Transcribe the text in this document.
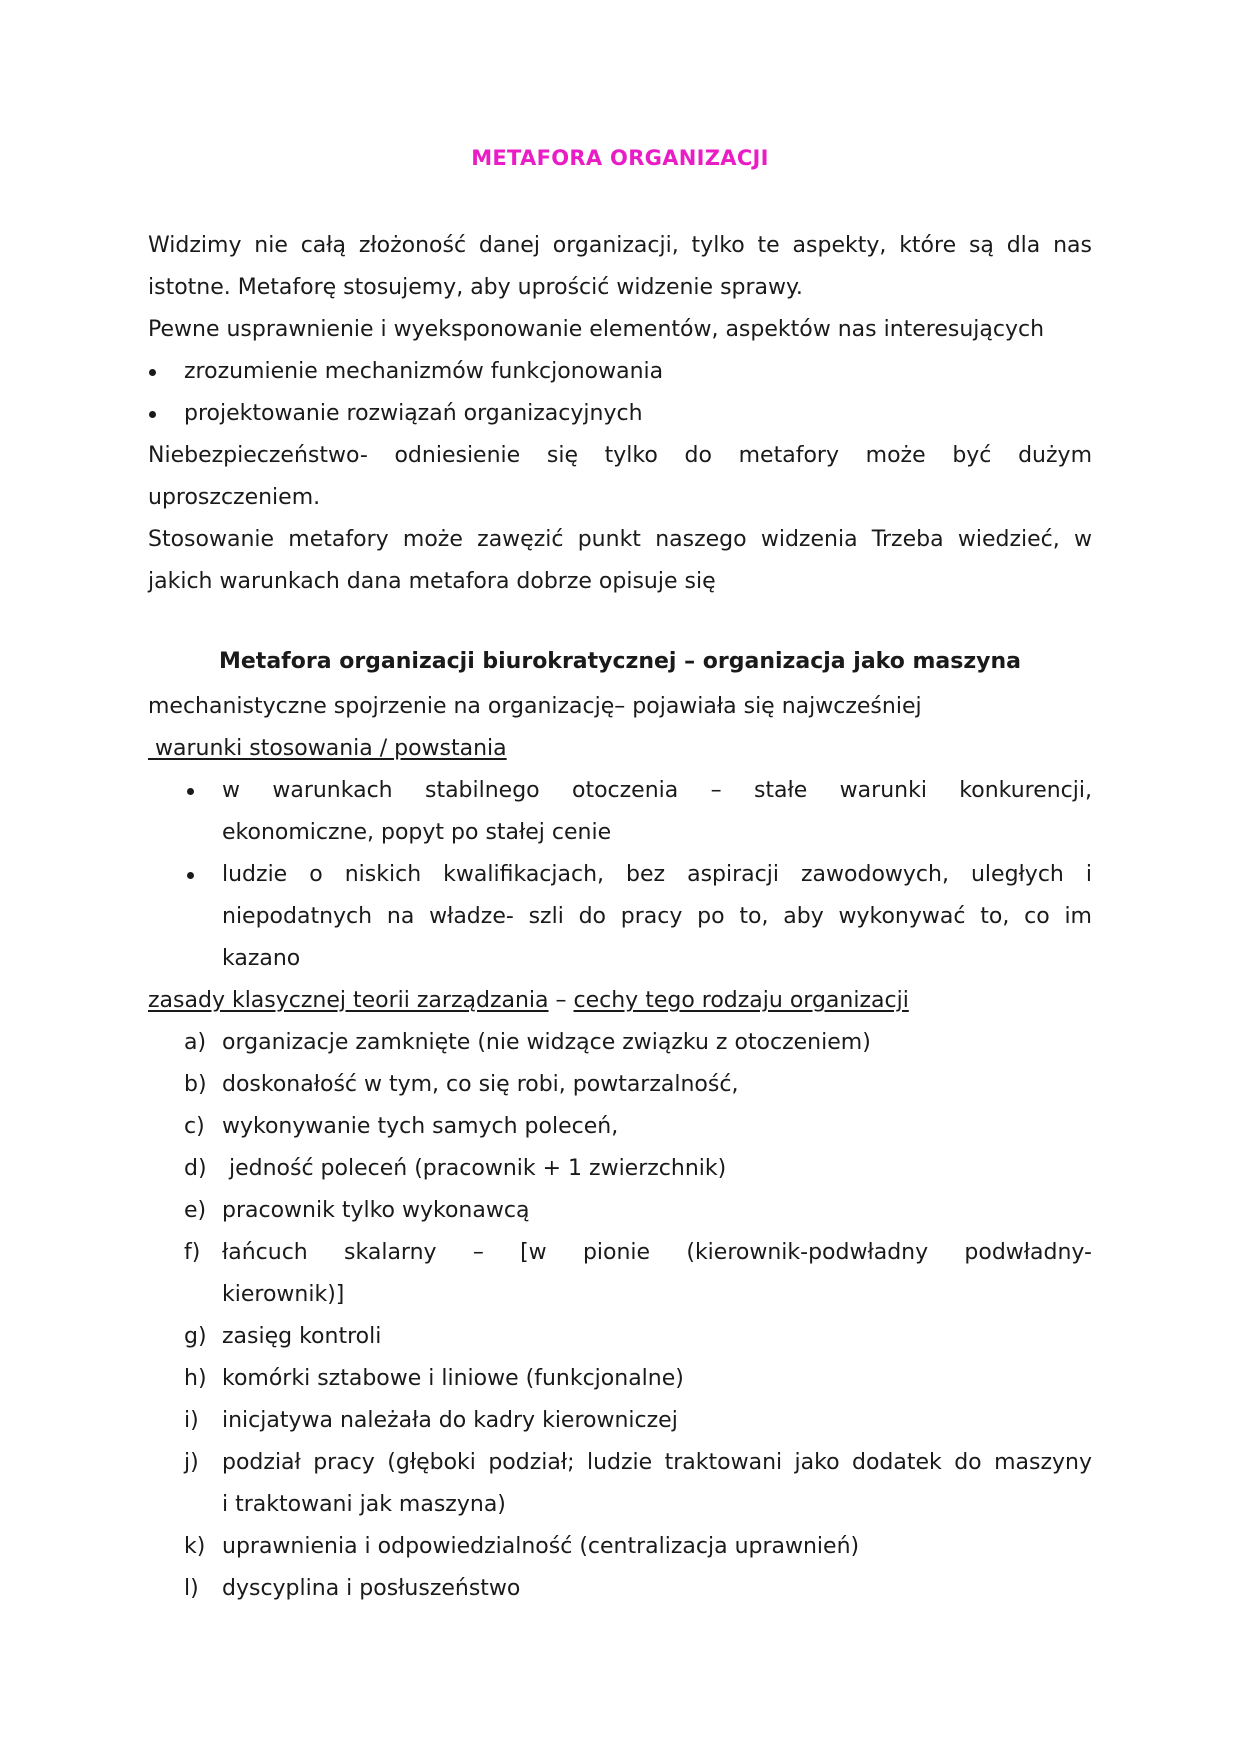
METAFORA ORGANIZACJI
Widzimy nie całą złożoność danej organizacji, tylko te aspekty, które są dla nas
istotne. Metaforę stosujemy, aby uprościć widzenie sprawy.
Pewne usprawnienie i wyeksponowanie elementów, aspektów nas interesujących
zrozumienie mechanizmów funkcjonowania
projektowanie rozwiązań organizacyjnych
Niebezpieczeństwo- odniesienie się tylko do metafory może być dużym
uproszczeniem.
Stosowanie metafory może zawęzić punkt naszego widzenia Trzeba wiedzieć, w
jakich warunkach dana metafora dobrze opisuje się
Metafora organizacji biurokratycznej – organizacja jako maszyna
mechanistyczne spojrzenie na organizację– pojawiała się najwcześniej
warunki stosowania / powstania
w warunkach stabilnego otoczenia – stałe warunki konkurencji,
ekonomiczne, popyt po stałej cenie
ludzie o niskich kwalifikacjach, bez aspiracji zawodowych, uległych i
niepodatnych na władze- szli do pracy po to, aby wykonywać to, co im
kazano
zasady klasycznej teorii zarządzania – cechy tego rodzaju organizacji
a) organizacje zamknięte (nie widzące związku z otoczeniem)
b) doskonałość w tym, co się robi, powtarzalność,
c) wykonywanie tych samych poleceń,
d) jedność poleceń (pracownik + 1 zwierzchnik)
e) pracownik tylko wykonawcą
f) łańcuch skalarny – [w pionie (kierownik-podwładny podwładny-
kierownik)]
g) zasięg kontroli
h) komórki sztabowe i liniowe (funkcjonalne)
i) inicjatywa należała do kadry kierowniczej
j) podział pracy (głęboki podział; ludzie traktowani jako dodatek do maszyny
i traktowani jak maszyna)
k) uprawnienia i odpowiedzialność (centralizacja uprawnień)
l) dyscyplina i posłuszeństwo
